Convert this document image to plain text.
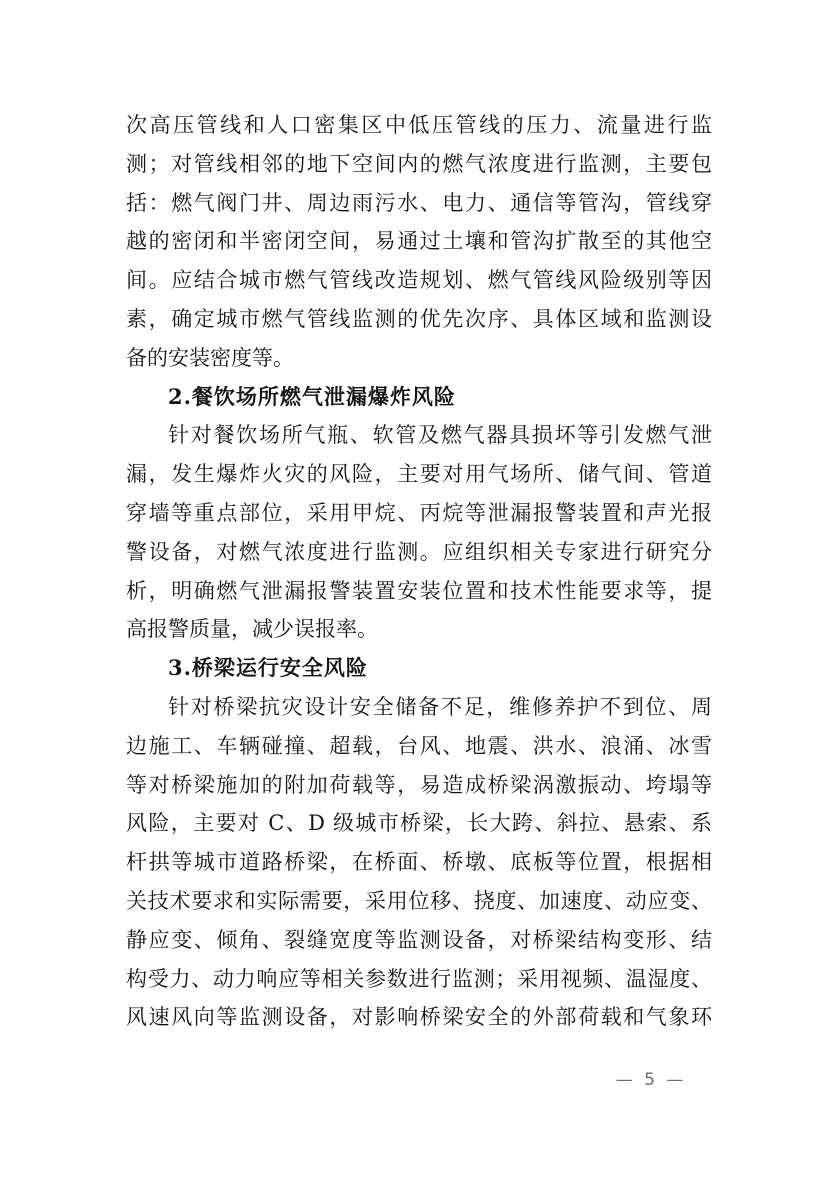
次高压管线和人口密集区中低压管线的压力、流量进行监
测；对管线相邻的地下空间内的燃气浓度进行监测，主要包
括：燃气阀门井、周边雨污水、电力、通信等管沟，管线穿
越的密闭和半密闭空间，易通过土壤和管沟扩散至的其他空
间。应结合城市燃气管线改造规划、燃气管线风险级别等因
素，确定城市燃气管线监测的优先次序、具体区域和监测设
备的安装密度等。
2.餐饮场所燃气泄漏爆炸风险
针对餐饮场所气瓶、软管及燃气器具损坏等引发燃气泄
漏，发生爆炸火灾的风险，主要对用气场所、储气间、管道
穿墙等重点部位，采用甲烷、丙烷等泄漏报警装置和声光报
警设备，对燃气浓度进行监测。应组织相关专家进行研究分
析，明确燃气泄漏报警装置安装位置和技术性能要求等，提
高报警质量，减少误报率。
3.桥梁运行安全风险
针对桥梁抗灾设计安全储备不足，维修养护不到位、周
边施工、车辆碰撞、超载，台风、地震、洪水、浪涌、冰雪
等对桥梁施加的附加荷载等，易造成桥梁涡激振动、垮塌等
风险，主要对 C、D 级城市桥梁，长大跨、斜拉、悬索、系
杆拱等城市道路桥梁，在桥面、桥墩、底板等位置，根据相
关技术要求和实际需要，采用位移、挠度、加速度、动应变、
静应变、倾角、裂缝宽度等监测设备，对桥梁结构变形、结
构受力、动力响应等相关参数进行监测；采用视频、温湿度、
风速风向等监测设备，对影响桥梁安全的外部荷载和气象环
— 5 —
